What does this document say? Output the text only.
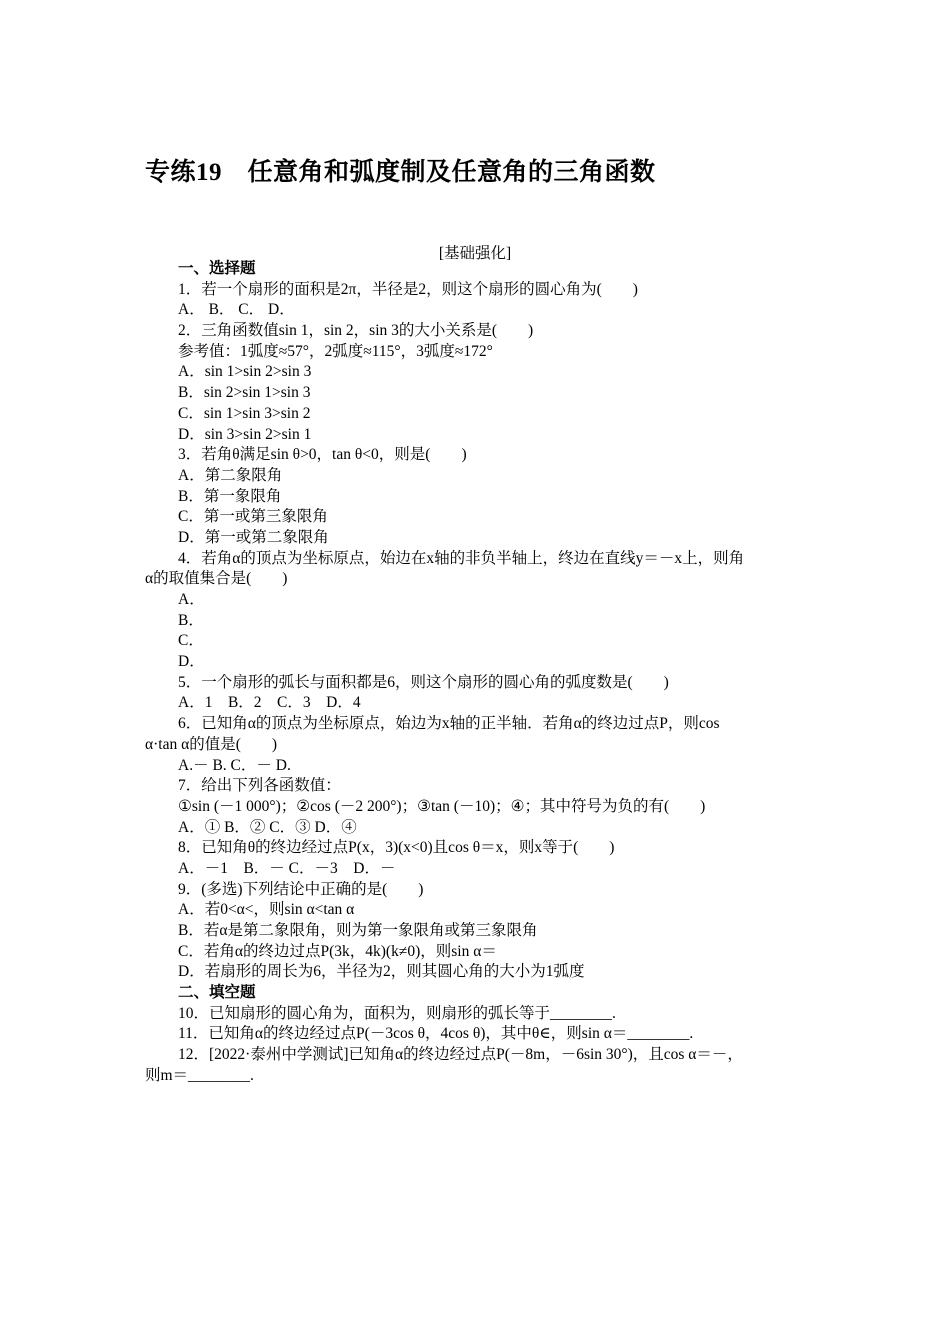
专练19　任意角和弧度制及任意角的三角函数
[基础强化]
一、选择题
1．若一个扇形的面积是2π，半径是2，则这个扇形的圆心角为(　　)
A． B． C． D．
2．三角函数值sin 1，sin 2，sin 3的大小关系是(　　)
参考值：1弧度≈57°，2弧度≈115°，3弧度≈172°
A．sin 1>sin 2>sin 3
B．sin 2>sin 1>sin 3
C．sin 1>sin 3>sin 2
D．sin 3>sin 2>sin 1
3．若角θ满足sin θ>0，tan θ<0，则是(　　)
A．第二象限角
B．第一象限角
C．第一或第三象限角
D．第一或第二象限角
4．若角α的顶点为坐标原点，始边在x轴的非负半轴上，终边在直线y＝－x上，则角
α的取值集合是(　　)
A．
B．
C．
D．
5．一个扇形的弧长与面积都是6，则这个扇形的圆心角的弧度数是(　　)
A．1　B．2　C．3　D．4
6．已知角α的顶点为坐标原点，始边为x轴的正半轴．若角α的终边过点P，则cos
α·tan α的值是(　　)
A.－ B. C．－ D.
7．给出下列各函数值：
①sin (－1 000°)；②cos (－2 200°)；③tan (－10)；④；其中符号为负的有(　　)
A．① B．② C．③ D．④
8．已知角θ的终边经过点P(x，3)(x<0)且cos θ＝x，则x等于(　　)
A．－1　B．－ C．－3　D．－
9．(多选)下列结论中正确的是(　　)
A．若0<α<，则sin α<tan α
B．若α是第二象限角，则为第一象限角或第三象限角
C．若角α的终边过点P(3k，4k)(k≠0)，则sin α＝
D．若扇形的周长为6，半径为2，则其圆心角的大小为1弧度
二、填空题
10．已知扇形的圆心角为，面积为，则扇形的弧长等于________.
11．已知角α的终边经过点P(－3cos θ，4cos θ)，其中θ∈，则sin α＝________.
12．[2022·泰州中学测试]已知角α的终边经过点P(－8m，－6sin 30°)，且cos α＝－，
则m＝________.
